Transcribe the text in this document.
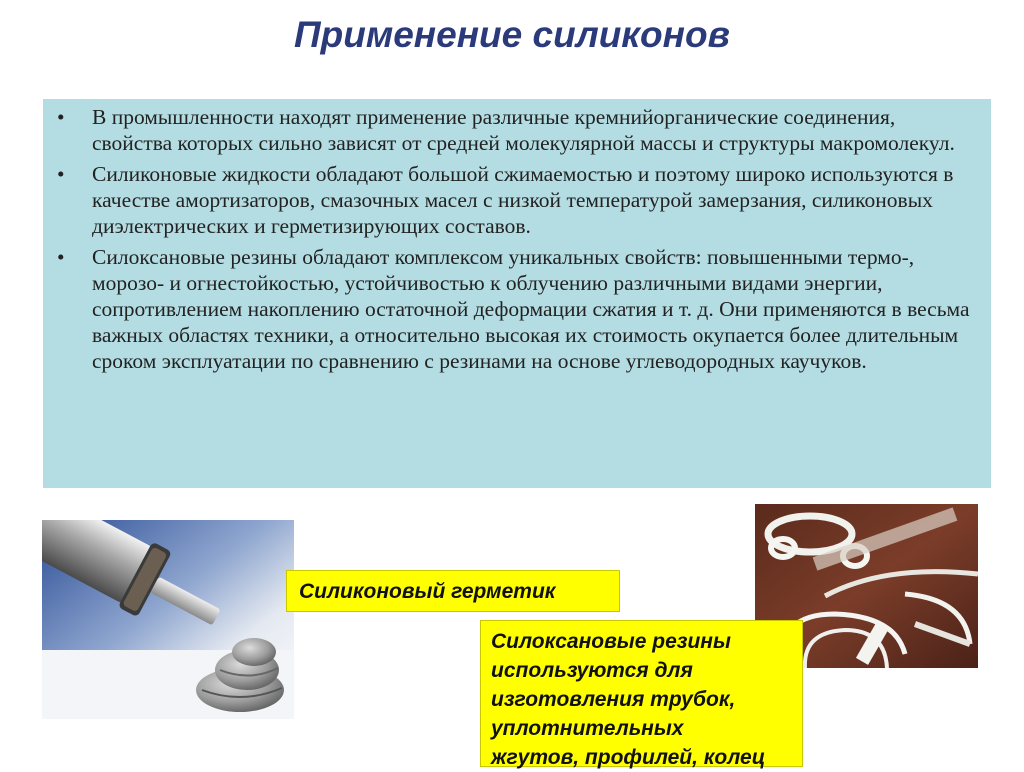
Применение силиконов
• В промышленности находят применение различные кремнийорганические соединения, свойства которых сильно зависят от средней молекулярной массы и структуры макромолекул.
• Силиконовые жидкости обладают большой сжимаемостью и поэтому широко используются в качестве амортизаторов, смазочных масел с низкой температурой замерзания, силиконовых диэлектрических и герметизирующих составов.
• Силоксановые резины обладают комплексом уникальных свойств: повышенными термо-, морозо- и огнестойкостью, устойчивостью к облучению различными видами энергии, сопротивлением накоплению остаточной деформации сжатия и т. д. Они применяются в весьма важных областях техники, а относительно высокая их стоимость окупается более длительным сроком эксплуатации по сравнению с резинами на основе углеводородных каучуков.
Силиконовый герметик
Силоксановые резины
используются для
изготовления трубок,
уплотнительных
жгутов, профилей, колец
